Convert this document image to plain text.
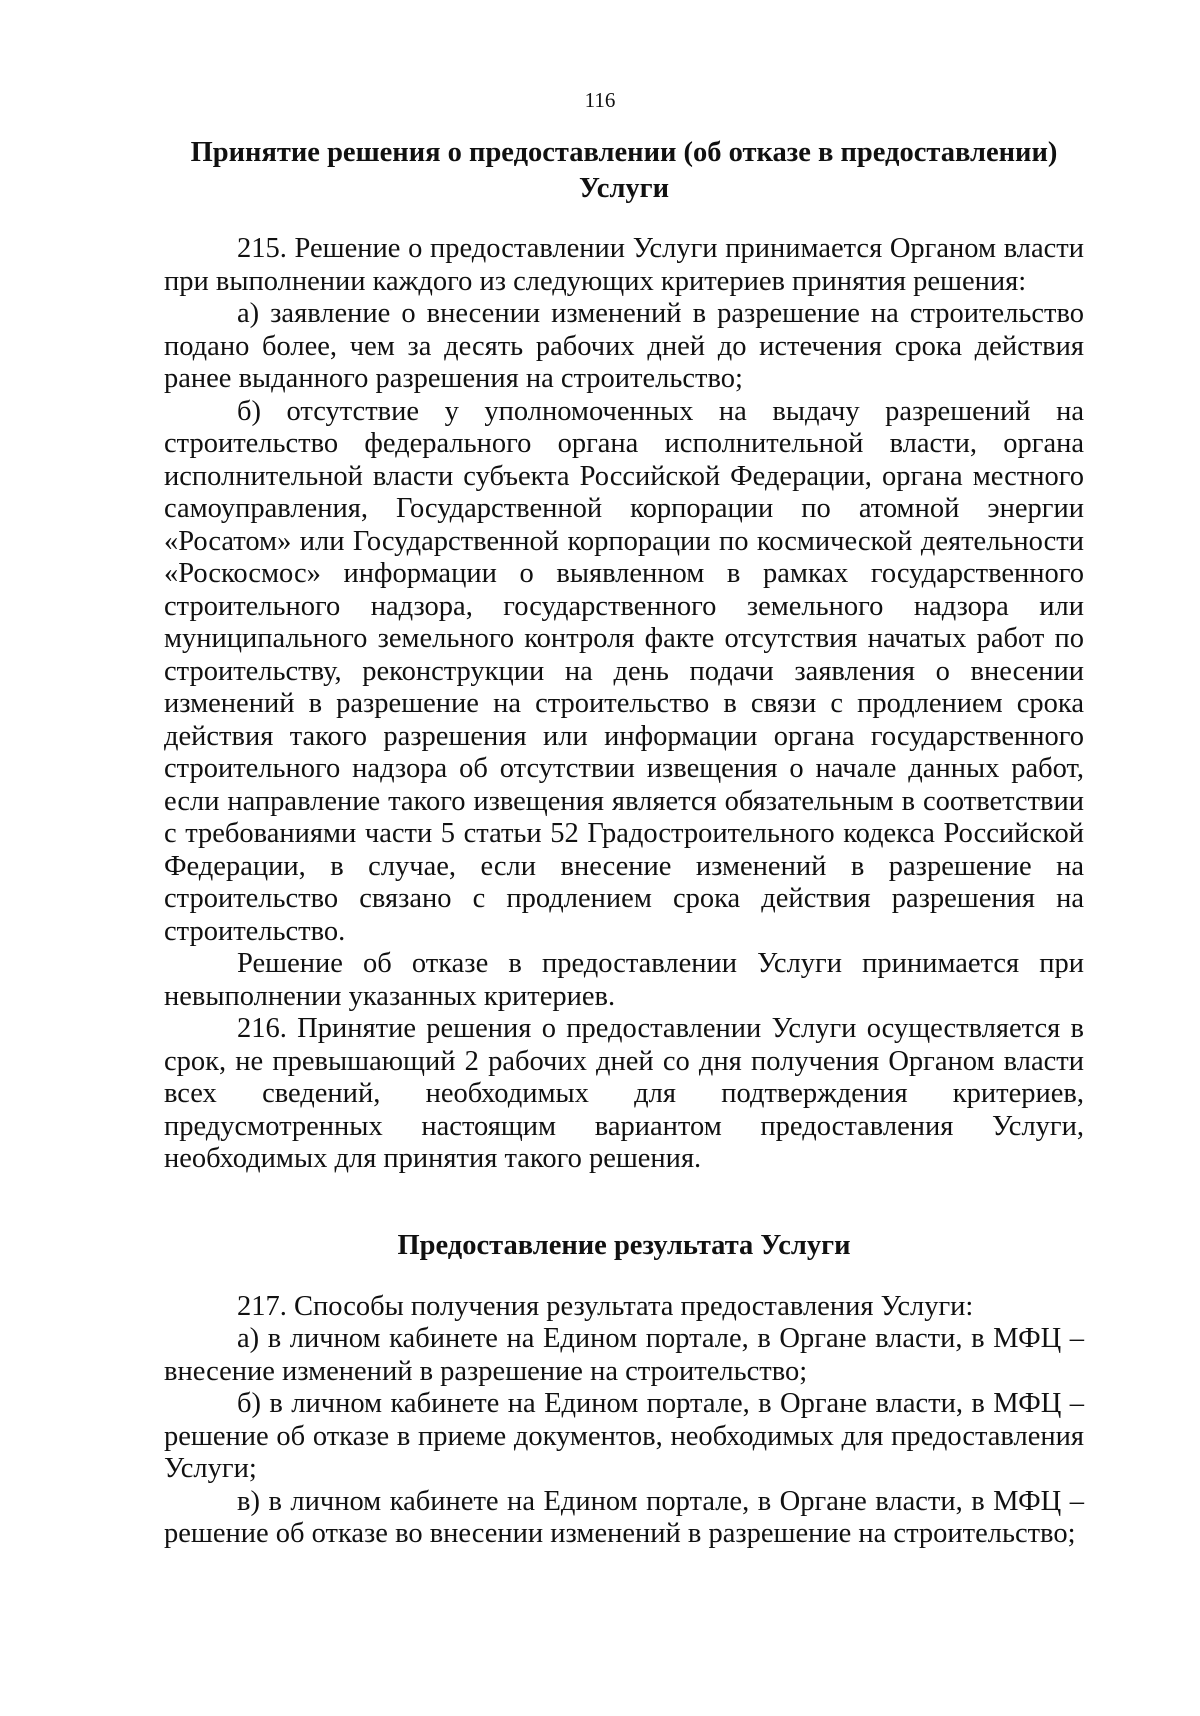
116
Принятие решения о предоставлении (об отказе в предоставлении) Услуги

215. Решение о предоставлении Услуги принимается Органом власти при выполнении каждого из следующих критериев принятия решения:

а) заявление о внесении изменений в разрешение на строительство подано более, чем за десять рабочих дней до истечения срока действия ранее выданного разрешения на строительство;

б) отсутствие у уполномоченных на выдачу разрешений на строительство федерального органа исполнительной власти, органа исполнительной власти субъекта Российской Федерации, органа местного самоуправления, Государственной корпорации по атомной энергии «Росатом» или Государственной корпорации по космической деятельности «Роскосмос» информации о выявленном в рамках государственного строительного надзора, государственного земельного надзора или муниципального земельного контроля факте отсутствия начатых работ по строительству, реконструкции на день подачи заявления о внесении изменений в разрешение на строительство в связи с продлением срока действия такого разрешения или информации органа государственного строительного надзора об отсутствии извещения о начале данных работ, если направление такого извещения является обязательным в соответствии с требованиями части 5 статьи 52 Градостроительного кодекса Российской Федерации, в случае, если внесение изменений в разрешение на строительство связано с продлением срока действия разрешения на строительство.

Решение об отказе в предоставлении Услуги принимается при невыполнении указанных критериев.

216. Принятие решения о предоставлении Услуги осуществляется в срок, не превышающий 2 рабочих дней со дня получения Органом власти всех сведений, необходимых для подтверждения критериев, предусмотренных настоящим вариантом предоставления Услуги, необходимых для принятия такого решения.

Предоставление результата Услуги

217. Способы получения результата предоставления Услуги:

а) в личном кабинете на Едином портале, в Органе власти, в МФЦ – внесение изменений в разрешение на строительство;

б) в личном кабинете на Едином портале, в Органе власти, в МФЦ – решение об отказе в приеме документов, необходимых для предоставления Услуги;

в) в личном кабинете на Едином портале, в Органе власти, в МФЦ – решение об отказе во внесении изменений в разрешение на строительство;
